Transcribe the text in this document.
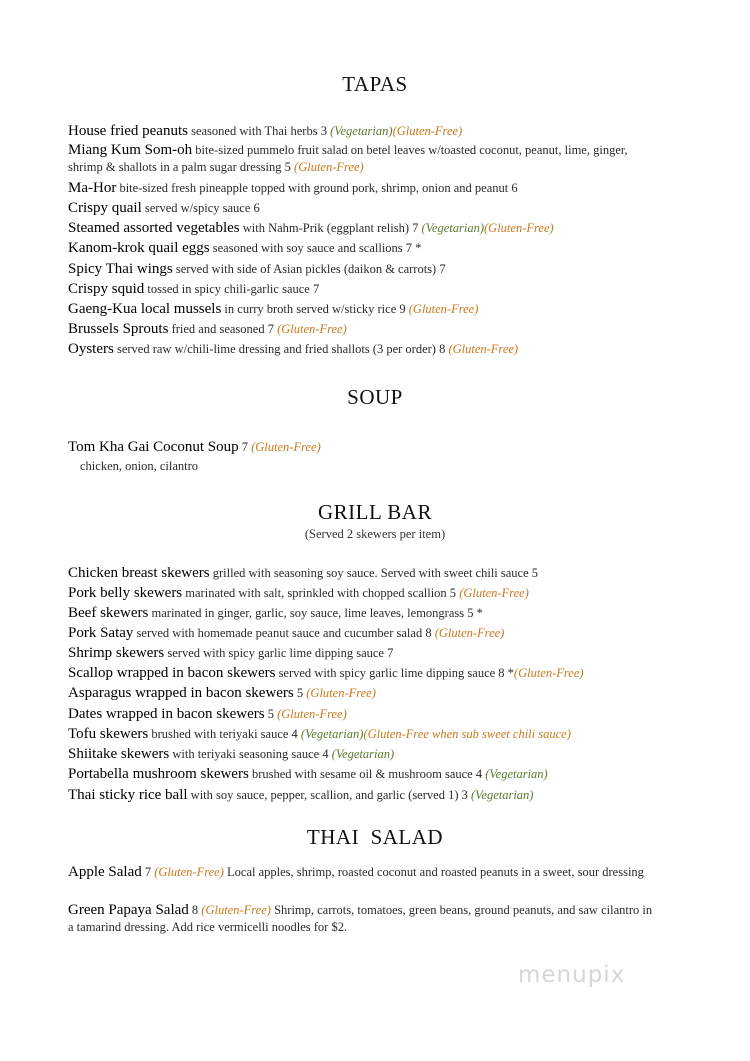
TAPAS
House fried peanuts seasoned with Thai herbs 3 (Vegetarian)(Gluten-Free)
Miang Kum Som-oh bite-sized pummelo fruit salad on betel leaves w/toasted coconut, peanut, lime, ginger, shrimp & shallots in a palm sugar dressing 5 (Gluten-Free)
Ma-Hor bite-sized fresh pineapple topped with ground pork, shrimp, onion and peanut 6
Crispy quail served w/spicy sauce 6
Steamed assorted vegetables with Nahm-Prik (eggplant relish) 7 (Vegetarian)(Gluten-Free)
Kanom-krok quail eggs seasoned with soy sauce and scallions 7 *
Spicy Thai wings served with side of Asian pickles (daikon & carrots) 7
Crispy squid tossed in spicy chili-garlic sauce 7
Gaeng-Kua local mussels in curry broth served w/sticky rice 9 (Gluten-Free)
Brussels Sprouts fried and seasoned 7 (Gluten-Free)
Oysters served raw w/chili-lime dressing and fried shallots (3 per order) 8 (Gluten-Free)
SOUP
Tom Kha Gai Coconut Soup 7 (Gluten-Free)
chicken, onion, cilantro
GRILL BAR
(Served 2 skewers per item)
Chicken breast skewers grilled with seasoning soy sauce. Served with sweet chili sauce 5
Pork belly skewers marinated with salt, sprinkled with chopped scallion 5 (Gluten-Free)
Beef skewers marinated in ginger, garlic, soy sauce, lime leaves, lemongrass 5 *
Pork Satay served with homemade peanut sauce and cucumber salad 8 (Gluten-Free)
Shrimp skewers served with spicy garlic lime dipping sauce 7
Scallop wrapped in bacon skewers served with spicy garlic lime dipping sauce 8 *(Gluten-Free)
Asparagus wrapped in bacon skewers 5 (Gluten-Free)
Dates wrapped in bacon skewers 5 (Gluten-Free)
Tofu skewers brushed with teriyaki sauce 4 (Vegetarian)(Gluten-Free when sub sweet chili sauce)
Shiitake skewers with teriyaki seasoning sauce 4 (Vegetarian)
Portabella mushroom skewers brushed with sesame oil & mushroom sauce 4 (Vegetarian)
Thai sticky rice ball with soy sauce, pepper, scallion, and garlic (served 1) 3 (Vegetarian)
THAI  SALAD
Apple Salad 7 (Gluten-Free) Local apples, shrimp, roasted coconut and roasted peanuts in a sweet, sour dressing
Green Papaya Salad 8 (Gluten-Free) Shrimp, carrots, tomatoes, green beans, ground peanuts, and saw cilantro in a tamarind dressing. Add rice vermicelli noodles for $2.
menupix
